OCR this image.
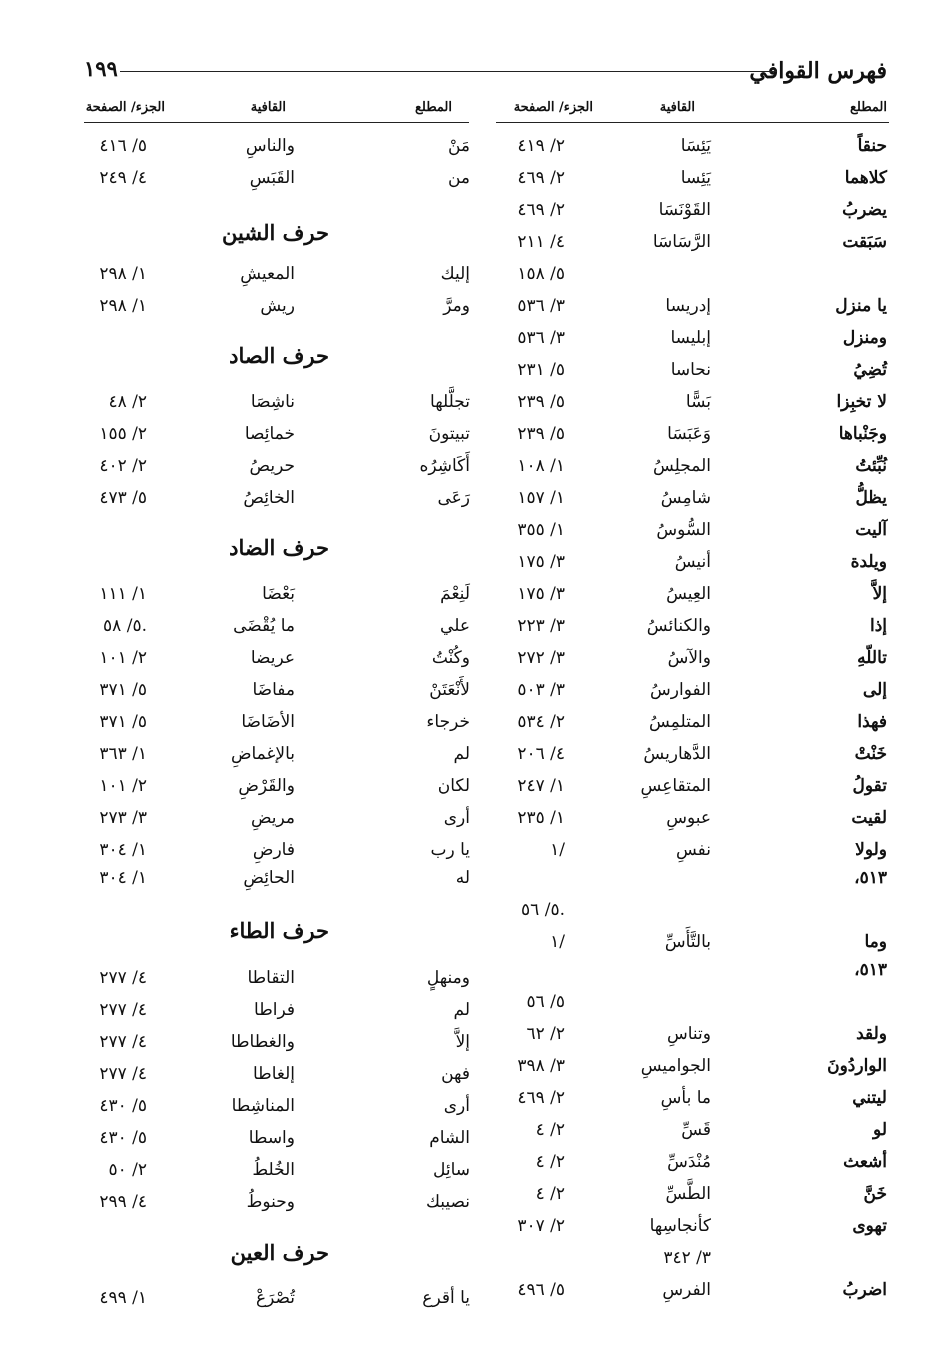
فهرس القوافي
١٩٩
المطلع
القافية
الجزء/ الصفحة
المطلع
القافية
الجزء/ الصفحة
حنقاً
يَئِسَا
٢/ ٤١٩
كلاهما
يَئِسا
٢/ ٤٦٩
يضربُ
القَوْنَسَا
٢/ ٤٦٩
سَبَقت
الرَّسَاسَا
٤/ ٢١١
٥/ ١٥٨
يا منزل
إدريسا
٣/ ٥٣٦
ومنزل
إبليسا
٣/ ٥٣٦
تُضِيُ
نحاسا
٥/ ٢٣١
لا تخبِزا
بَسًّا
٥/ ٢٣٩
وجَنْباها
وَعَبَسَا
٥/ ٢٣٩
نُبِّئتُ
المجلِسُ
١/ ١٠٨
يظلُّ
شامِسُ
١/ ١٥٧
آليت
السُّوسُ
١/ ٣٥٥
ويلدة
أنيسُ
٣/ ١٧٥
إلاَّ
العِيسُ
٣/ ١٧٥
إذا
والكنائسُ
٣/ ٢٢٣
تاللّهِ
والآسُ
٣/ ٢٧٢
إلى
الفوارسُ
٣/ ٥٠٣
فهذا
المتلمِسُ
٢/ ٥٣٤
خَنْتْ
الدَّهاريسُ
٤/ ٢٠٦
تقولُ
المتقاعِسِ
١/ ٢٤٧
لقيت
عبوسِ
١/ ٢٣٥
ولولا
نفسِ
١/
٥١٣،
٥/ ٥٦.
وما
بالتَّأَسِّ
١/
٥١٣،
٥/ ٥٦
ولقد
وتناسِ
٢/ ٦٢
الواردُونَ
الجواميسِ
٣/ ٣٩٨
ليتني
ما بأسِ
٢/ ٤٦٩
لو
قَسِّ
٢/ ٤
أشعث
مُنْدَسِّ
٢/ ٤
خَنَّ
الطَّسِّ
٢/ ٤
تهوى
كأنجاسِها
٢/ ٣٠٧
٣/ ٣٤٢
اضربُ
الفرسِ
٥/ ٤٩٦
مَنْ
والناسِ
٥/ ٤١٦
من
القَبَسِ
٤/ ٢٤٩
حرف الشين
إليك
المعيشِ
١/ ٢٩٨
ومرَّ
ريش
١/ ٢٩٨
حرف الصاد
تجلَّلها
ناشِصَا
٢/ ٤٨
تبيتونَ
خمائِصا
٢/ ١٥٥
أَكَاشِرُه
حريصُ
٢/ ٤٠٢
رَعَى
الخائِصُ
٥/ ٤٧٣
حرف الضاد
لَنِعْمَ
بَعْضَا
١/ ١١١
علي
ما يُقْضَى
٥/ ٥٨.
وكُنْتُ
عريضا
٢/ ١٠١
لأَنْعَتَنْ
مفاضَا
٥/ ٣٧١
خرجاء
الأضَاضَا
٥/ ٣٧١
لم
بالإغماضِ
١/ ٣٦٣
لكان
والقَرْضِ
٢/ ١٠١
أرى
مريضِ
٣/ ٢٧٣
يا رب
فارضِ
١/ ٣٠٤
له
الحائِضِ
١/ ٣٠٤
حرف الطاء
ومنهلٍ
التقاطا
٤/ ٢٧٧
لم
فراطا
٤/ ٢٧٧
إلاَّ
والغطاطا
٤/ ٢٧٧
فهن
إلغاطا
٤/ ٢٧٧
أرى
المناشِطا
٥/ ٤٣٠
الشام
واسطا
٥/ ٤٣٠
سائِل
الخُلطُ
٢/ ٥٠
نصيبك
وحنوطُ
٤/ ٢٩٩
حرف العين
يا أقرع
تُصْرَعْ
١/ ٤٩٩
